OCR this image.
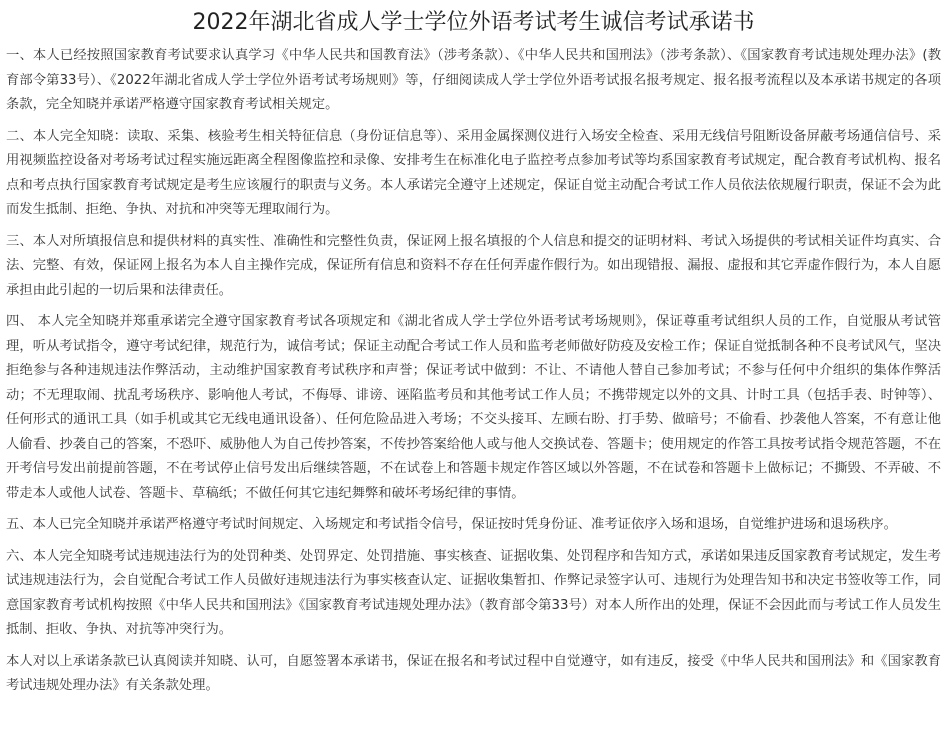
2022年湖北省成人学士学位外语考试考生诚信考试承诺书

一、本人已经按照国家教育考试要求认真学习《中华人民共和国教育法》（涉考条款）、《中华人民共和国刑法》（涉考条款）、《国家教育考试违规处理办法》(教育部令第33号）、《2022年湖北省成人学士学位外语考试考场规则》等，仔细阅读成人学士学位外语考试报名报考规定、报名报考流程以及本承诺书规定的各项条款，完全知晓并承诺严格遵守国家教育考试相关规定。

二、本人完全知晓：读取、采集、核验考生相关特征信息（身份证信息等）、采用金属探测仪进行入场安全检查、采用无线信号阻断设备屏蔽考场通信信号、采用视频监控设备对考场考试过程实施远距离全程图像监控和录像、安排考生在标准化电子监控考点参加考试等均系国家教育考试规定，配合教育考试机构、报名点和考点执行国家教育考试规定是考生应该履行的职责与义务。本人承诺完全遵守上述规定，保证自觉主动配合考试工作人员依法依规履行职责，保证不会为此而发生抵制、拒绝、争执、对抗和冲突等无理取闹行为。

三、本人对所填报信息和提供材料的真实性、准确性和完整性负责，保证网上报名填报的个人信息和提交的证明材料、考试入场提供的考试相关证件均真实、合法、完整、有效，保证网上报名为本人自主操作完成，保证所有信息和资料不存在任何弄虚作假行为。如出现错报、漏报、虚报和其它弄虚作假行为，本人自愿承担由此引起的一切后果和法律责任。

四、 本人完全知晓并郑重承诺完全遵守国家教育考试各项规定和《湖北省成人学士学位外语考试考场规则》，保证尊重考试组织人员的工作，自觉服从考试管理，听从考试指令，遵守考试纪律，规范行为，诚信考试；保证主动配合考试工作人员和监考老师做好防疫及安检工作；保证自觉抵制各种不良考试风气，坚决拒绝参与各种违规违法作弊活动，主动维护国家教育考试秩序和声誉；保证考试中做到：不让、不请他人替自己参加考试；不参与任何中介组织的集体作弊活动；不无理取闹、扰乱考场秩序、影响他人考试，不侮辱、诽谤、诬陷监考员和其他考试工作人员；不携带规定以外的文具、计时工具（包括手表、时钟等）、任何形式的通讯工具（如手机或其它无线电通讯设备）、任何危险品进入考场；不交头接耳、左顾右盼、打手势、做暗号；不偷看、抄袭他人答案，不有意让他人偷看、抄袭自己的答案，不恐吓、威胁他人为自己传抄答案，不传抄答案给他人或与他人交换试卷、答题卡；使用规定的作答工具按考试指令规范答题，不在开考信号发出前提前答题，不在考试停止信号发出后继续答题，不在试卷上和答题卡规定作答区域以外答题，不在试卷和答题卡上做标记；不撕毁、不弄破、不带走本人或他人试卷、答题卡、草稿纸；不做任何其它违纪舞弊和破坏考场纪律的事情。

五、本人已完全知晓并承诺严格遵守考试时间规定、入场规定和考试指令信号，保证按时凭身份证、准考证依序入场和退场，自觉维护进场和退场秩序。

六、本人完全知晓考试违规违法行为的处罚种类、处罚界定、处罚措施、事实核查、证据收集、处罚程序和告知方式，承诺如果违反国家教育考试规定，发生考试违规违法行为，会自觉配合考试工作人员做好违规违法行为事实核查认定、证据收集暂扣、作弊记录签字认可、违规行为处理告知书和决定书签收等工作，同意国家教育考试机构按照《中华人民共和国刑法》《国家教育考试违规处理办法》（教育部令第33号）对本人所作出的处理，保证不会因此而与考试工作人员发生抵制、拒收、争执、对抗等冲突行为。

本人对以上承诺条款已认真阅读并知晓、认可，自愿签署本承诺书，保证在报名和考试过程中自觉遵守，如有违反，接受《中华人民共和国刑法》和《国家教育考试违规处理办法》有关条款处理。
